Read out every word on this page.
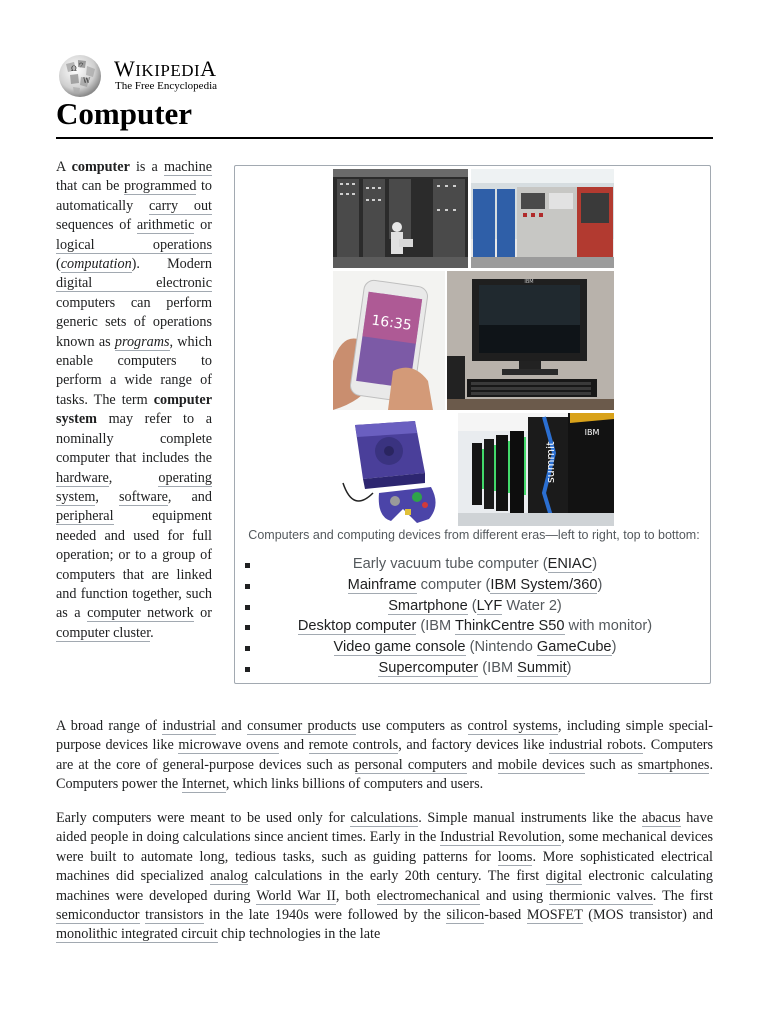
Ω
W
ウ WIKIPEDIA
The Free Encyclopedia
Computer

A computer is a machine that can be programmed to automatically carry out sequences of arithmetic or logical operations (computation). Modern digital electronic computers can perform generic sets of operations known as programs, which enable computers to perform a wide range of tasks. The term computer system may refer to a nominally complete computer that includes the hardware, operating system, software, and peripheral equipment needed and used for full operation; or to a group of computers that are linked and function together, such as a computer network or computer cluster.

16:35
IBM
summit
IBM
Computers and computing devices from different eras—left to right, top to bottom:
Early vacuum tube computer (ENIAC)
Mainframe computer (IBM System/360)
Smartphone (LYF Water 2)
Desktop computer (IBM ThinkCentre S50 with monitor)
Video game console (Nintendo GameCube)
Supercomputer (IBM Summit)

A broad range of industrial and consumer products use computers as control systems, including simple special-purpose devices like microwave ovens and remote controls, and factory devices like industrial robots. Computers are at the core of general-purpose devices such as personal computers and mobile devices such as smartphones. Computers power the Internet, which links billions of computers and users.

Early computers were meant to be used only for calculations. Simple manual instruments like the abacus have aided people in doing calculations since ancient times. Early in the Industrial Revolution, some mechanical devices were built to automate long, tedious tasks, such as guiding patterns for looms. More sophisticated electrical machines did specialized analog calculations in the early 20th century. The first digital electronic calculating machines were developed during World War II, both electromechanical and using thermionic valves. The first semiconductor transistors in the late 1940s were followed by the silicon-based MOSFET (MOS transistor) and monolithic integrated circuit chip technologies in the late
